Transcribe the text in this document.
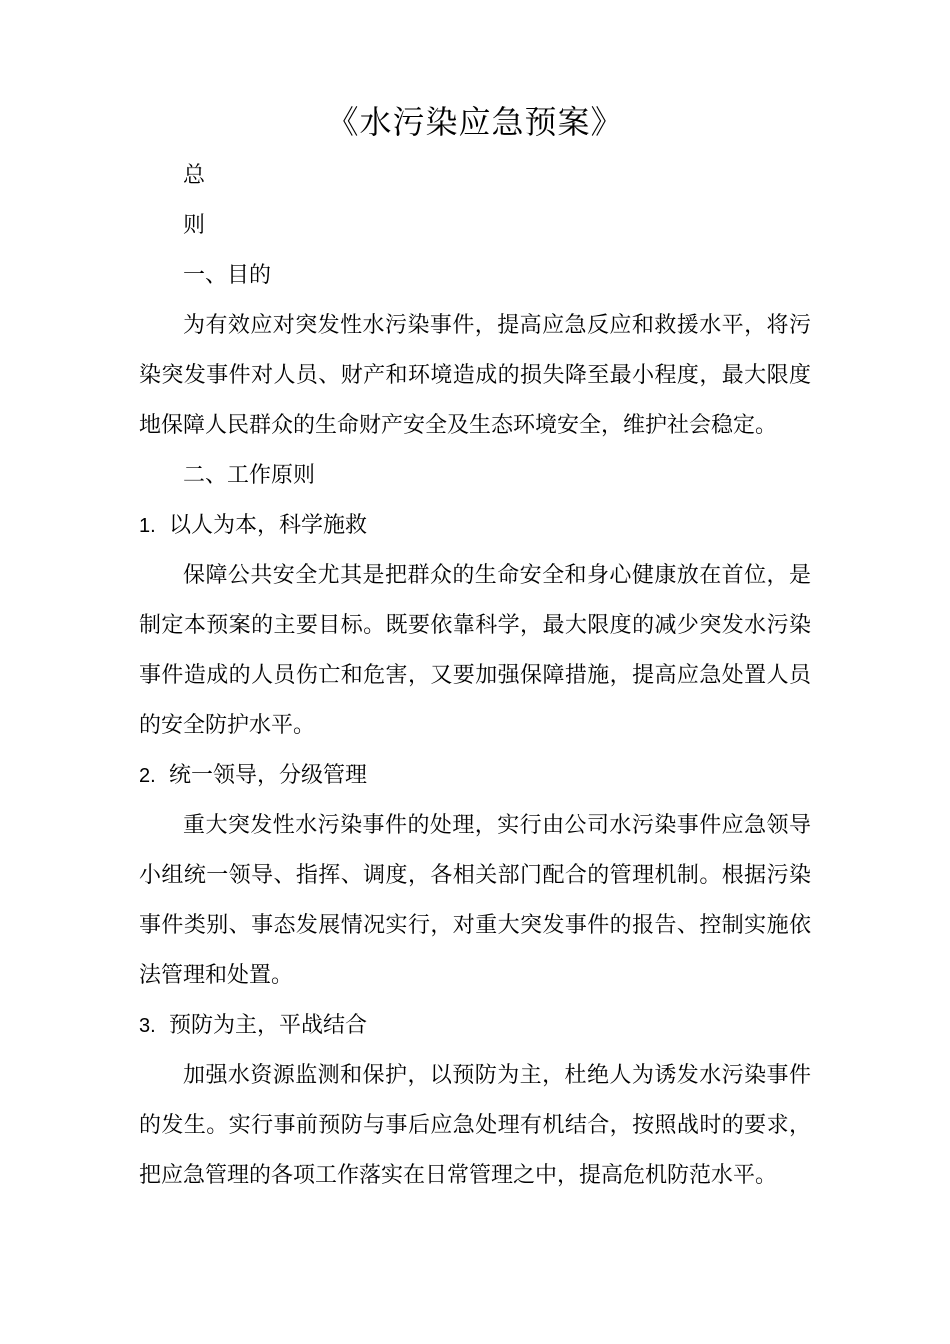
《水污染应急预案》

总

则

一、目的

为有效应对突发性水污染事件，提高应急反应和救援水平，将污染突发事件对人员、财产和环境造成的损失降至最小程度，最大限度地保障人民群众的生命财产安全及生态环境安全，维护社会稳定。

二、工作原则

1. 以人为本，科学施救

保障公共安全尤其是把群众的生命安全和身心健康放在首位，是制定本预案的主要目标。既要依靠科学，最大限度的减少突发水污染事件造成的人员伤亡和危害，又要加强保障措施，提高应急处置人员的安全防护水平。

2. 统一领导，分级管理

重大突发性水污染事件的处理，实行由公司水污染事件应急领导小组统一领导、指挥、调度，各相关部门配合的管理机制。根据污染事件类别、事态发展情况实行，对重大突发事件的报告、控制实施依法管理和处置。

3. 预防为主，平战结合

加强水资源监测和保护，以预防为主，杜绝人为诱发水污染事件的发生。实行事前预防与事后应急处理有机结合，按照战时的要求，把应急管理的各项工作落实在日常管理之中，提高危机防范水平。
